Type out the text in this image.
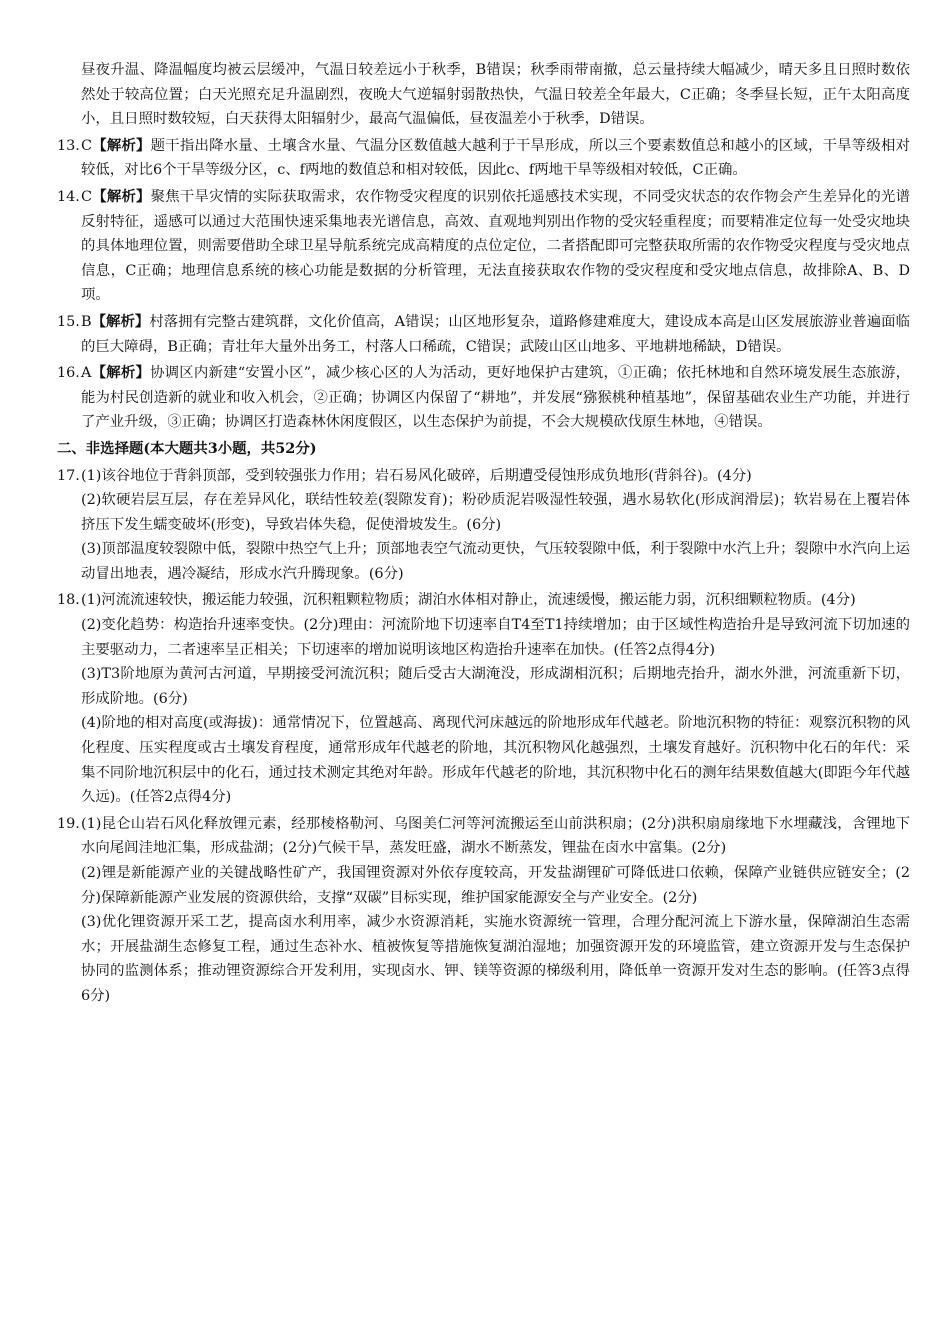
昼夜升温、降温幅度均被云层缓冲，气温日较差远小于秋季，B错误；秋季雨带南撤，总云量持续大幅减少，晴天多且日照时数依然处于较高位置；白天光照充足升温剧烈，夜晚大气逆辐射弱散热快，气温日较差全年最大，C正确；冬季昼长短，正午太阳高度小，且日照时数较短，白天获得太阳辐射少，最高气温偏低，昼夜温差小于秋季，D错误。

13. C【解析】题干指出降水量、土壤含水量、气温分区数值越大越利于干旱形成，所以三个要素数值总和越小的区域，干旱等级相对较低，对比6个干旱等级分区，c、f两地的数值总和相对较低，因此c、f两地干旱等级相对较低，C正确。
14. C【解析】聚焦干旱灾情的实际获取需求，农作物受灾程度的识别依托遥感技术实现，不同受灾状态的农作物会产生差异化的光谱反射特征，遥感可以通过大范围快速采集地表光谱信息，高效、直观地判别出作物的受灾轻重程度；而要精准定位每一处受灾地块的具体地理位置，则需要借助全球卫星导航系统完成高精度的点位定位，二者搭配即可完整获取所需的农作物受灾程度与受灾地点信息，C正确；地理信息系统的核心功能是数据的分析管理，无法直接获取农作物的受灾程度和受灾地点信息，故排除A、B、D项。
15. B【解析】村落拥有完整古建筑群，文化价值高，A错误；山区地形复杂，道路修建难度大，建设成本高是山区发展旅游业普遍面临的巨大障碍，B正确；青壮年大量外出务工，村落人口稀疏，C错误；武陵山区山地多、平地耕地稀缺，D错误。
16. A【解析】协调区内新建“安置小区”，减少核心区的人为活动，更好地保护古建筑，①正确；依托林地和自然环境发展生态旅游，能为村民创造新的就业和收入机会，②正确；协调区内保留了“耕地”，并发展“猕猴桃种植基地”，保留基础农业生产功能，并进行了产业升级，③正确；协调区打造森林休闲度假区，以生态保护为前提，不会大规模砍伐原生林地，④错误。

二、非选择题(本大题共3小题，共52分)

17. (1)该谷地位于背斜顶部，受到较强张力作用；岩石易风化破碎，后期遭受侵蚀形成负地形(背斜谷)。(4分)

(2)软硬岩层互层，存在差异风化，联结性较差(裂隙发育)；粉砂质泥岩吸湿性较强，遇水易软化(形成润滑层)；软岩易在上覆岩体挤压下发生蠕变破坏(形变)，导致岩体失稳，促使滑坡发生。(6分)

(3)顶部温度较裂隙中低，裂隙中热空气上升；顶部地表空气流动更快，气压较裂隙中低，利于裂隙中水汽上升；裂隙中水汽向上运动冒出地表，遇冷凝结，形成水汽升腾现象。(6分)

18. (1)河流流速较快，搬运能力较强，沉积粗颗粒物质；湖泊水体相对静止，流速缓慢，搬运能力弱，沉积细颗粒物质。(4分)

(2)变化趋势：构造抬升速率变快。(2分)理由：河流阶地下切速率自T4至T1持续增加；由于区域性构造抬升是导致河流下切加速的主要驱动力，二者速率呈正相关；下切速率的增加说明该地区构造抬升速率在加快。(任答2点得4分)

(3)T3阶地原为黄河古河道，早期接受河流沉积；随后受古大湖淹没，形成湖相沉积；后期地壳抬升，湖水外泄，河流重新下切，形成阶地。(6分)

(4)阶地的相对高度(或海拔)：通常情况下，位置越高、离现代河床越远的阶地形成年代越老。阶地沉积物的特征：观察沉积物的风化程度、压实程度或古土壤发育程度，通常形成年代越老的阶地，其沉积物风化越强烈，土壤发育越好。沉积物中化石的年代：采集不同阶地沉积层中的化石，通过技术测定其绝对年龄。形成年代越老的阶地，其沉积物中化石的测年结果数值越大(即距今年代越久远)。(任答2点得4分)

19. (1)昆仑山岩石风化释放锂元素，经那棱格勒河、乌图美仁河等河流搬运至山前洪积扇；(2分)洪积扇扇缘地下水埋藏浅，含锂地下水向尾闾洼地汇集，形成盐湖；(2分)气候干旱，蒸发旺盛，湖水不断蒸发，锂盐在卤水中富集。(2分)

(2)锂是新能源产业的关键战略性矿产，我国锂资源对外依存度较高，开发盐湖锂矿可降低进口依赖，保障产业链供应链安全；(2分)保障新能源产业发展的资源供给，支撑“双碳”目标实现，维护国家能源安全与产业安全。(2分)

(3)优化锂资源开采工艺，提高卤水利用率，减少水资源消耗，实施水资源统一管理，合理分配河流上下游水量，保障湖泊生态需水；开展盐湖生态修复工程，通过生态补水、植被恢复等措施恢复湖泊湿地；加强资源开发的环境监管，建立资源开发与生态保护协同的监测体系；推动锂资源综合开发利用，实现卤水、钾、镁等资源的梯级利用，降低单一资源开发对生态的影响。(任答3点得6分)
